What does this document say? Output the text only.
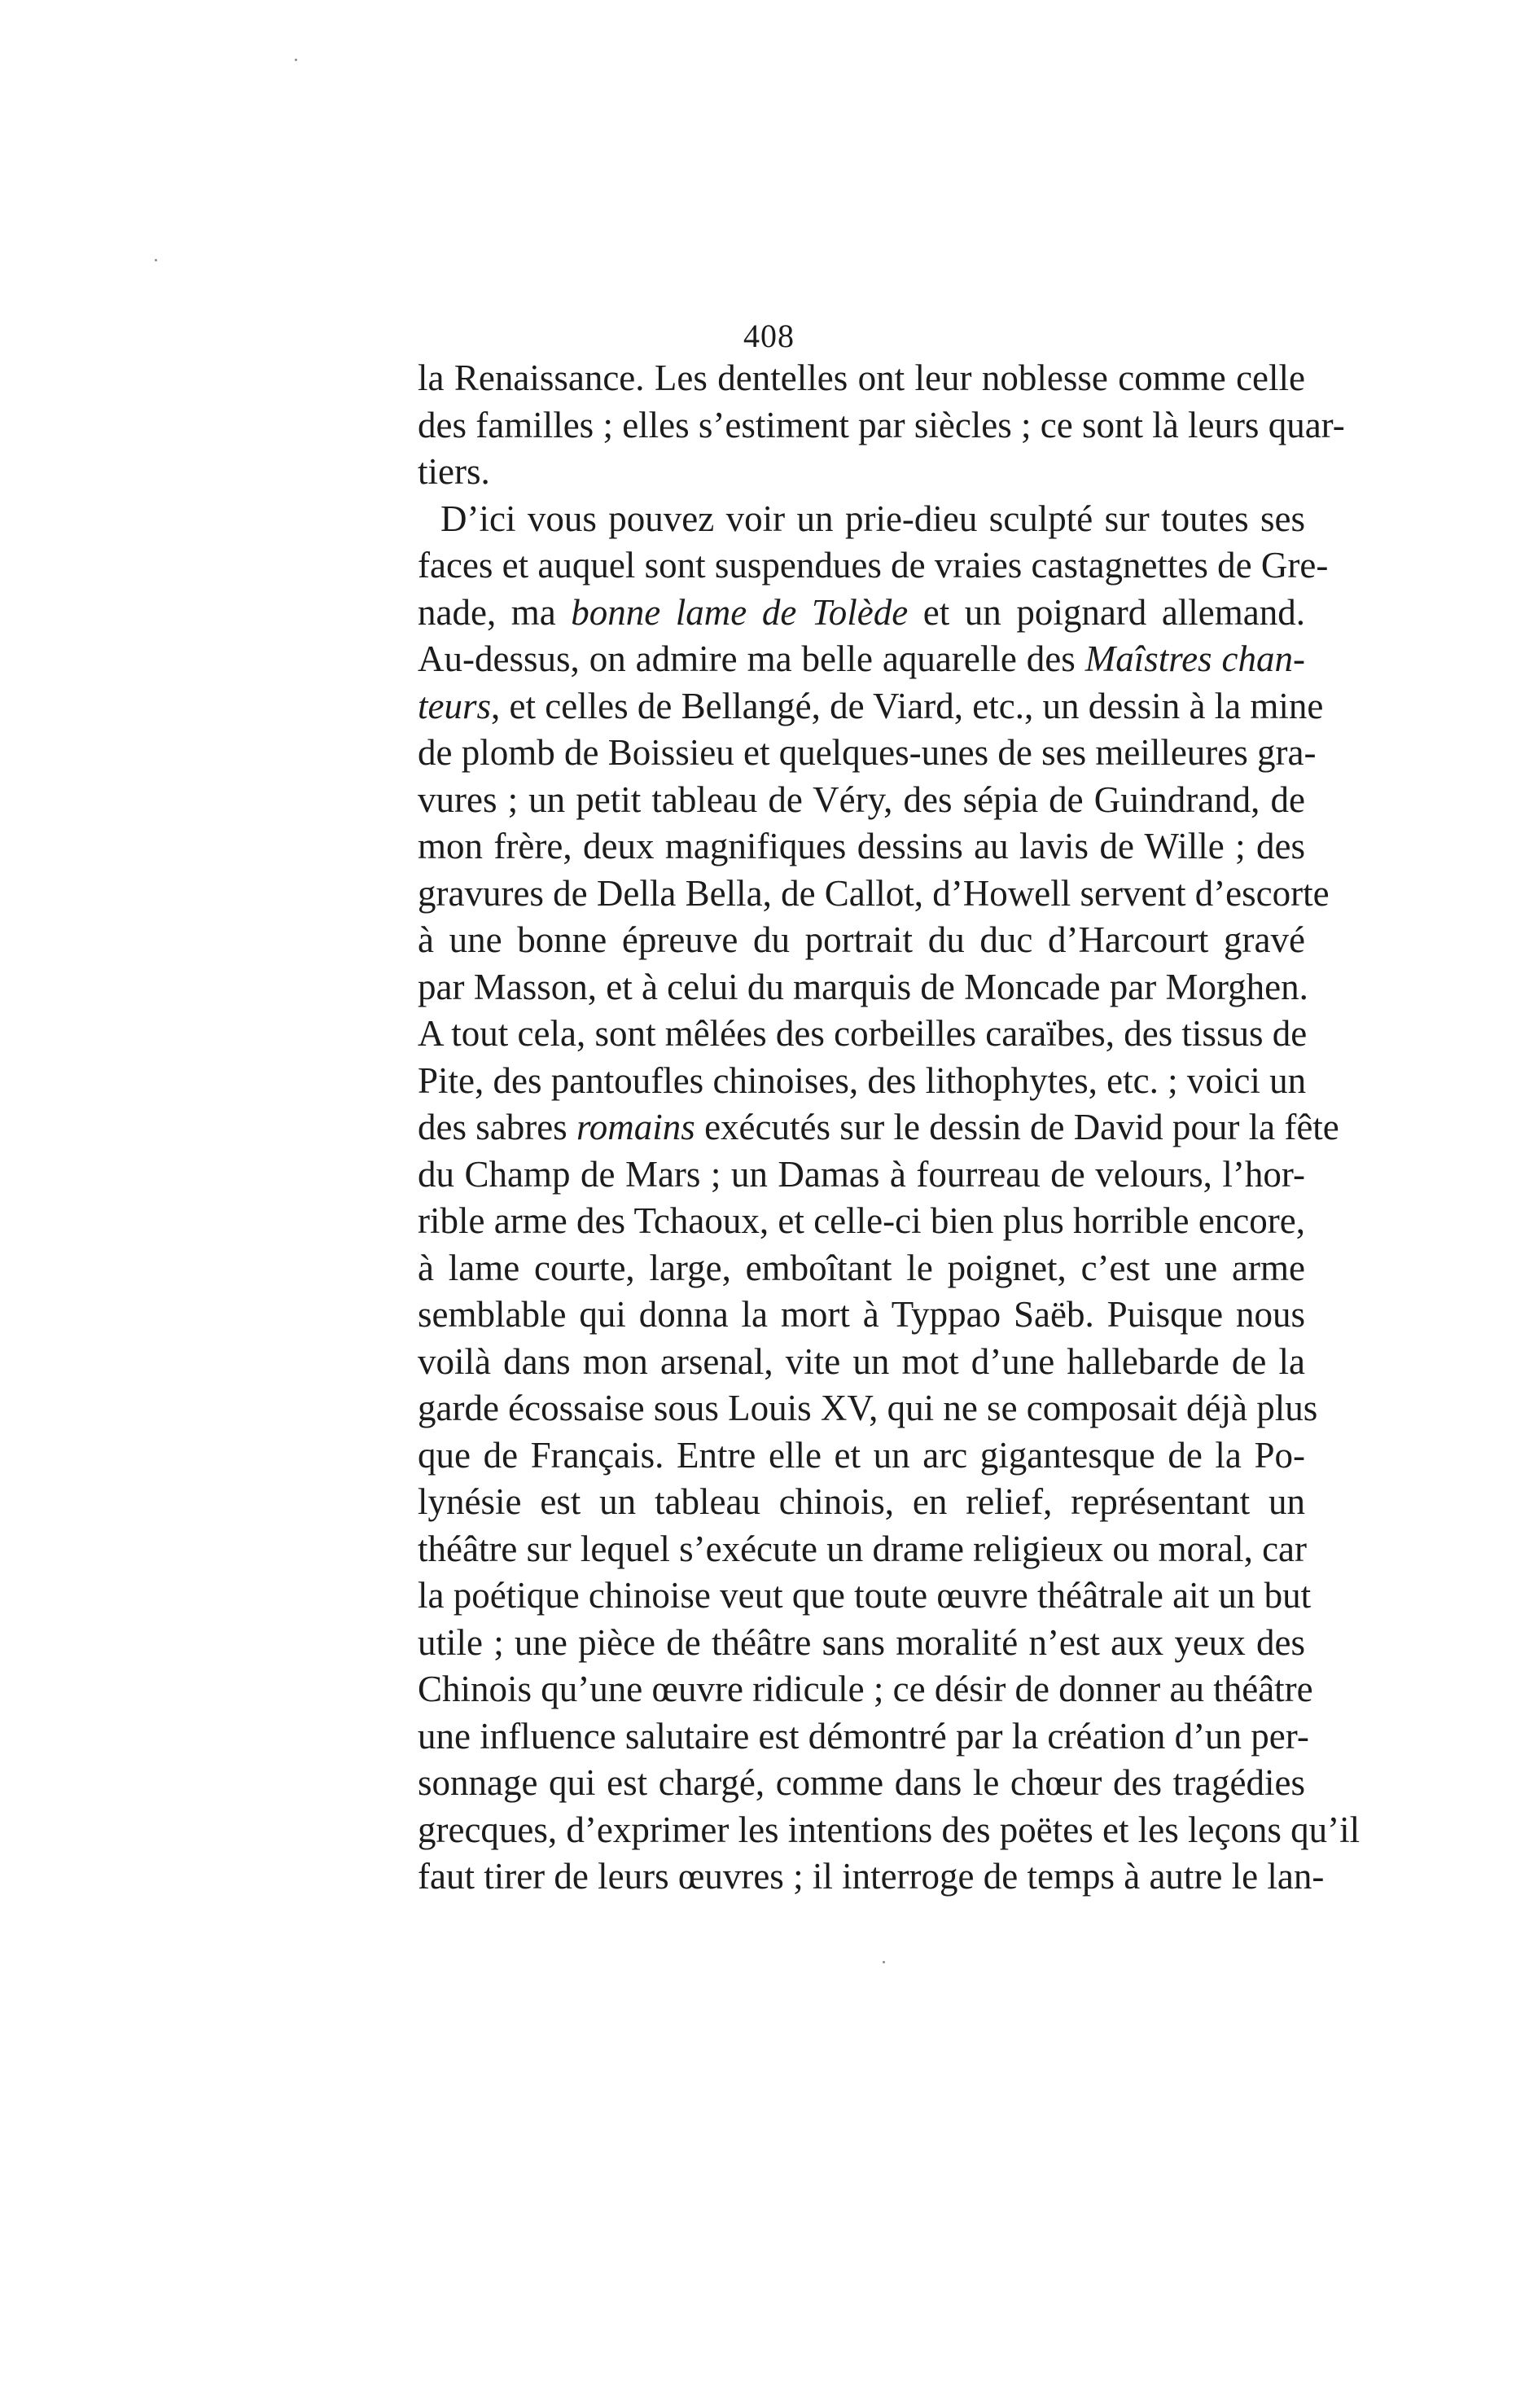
408
la Renaissance. Les dentelles ont leur noblesse comme celle
des familles ; elles s’estiment par siècles ; ce sont là leurs quar-
tiers.
D’ici vous pouvez voir un prie-dieu sculpté sur toutes ses
faces et auquel sont suspendues de vraies castagnettes de Gre-
nade, ma bonne lame de Tolède et un poignard allemand.
Au-dessus, on admire ma belle aquarelle des Maîstres chan-
teurs, et celles de Bellangé, de Viard, etc., un dessin à la mine
de plomb de Boissieu et quelques-unes de ses meilleures gra-
vures ; un petit tableau de Véry, des sépia de Guindrand, de
mon frère, deux magnifiques dessins au lavis de Wille ; des
gravures de Della Bella, de Callot, d’Howell servent d’escorte
à une bonne épreuve du portrait du duc d’Harcourt gravé
par Masson, et à celui du marquis de Moncade par Morghen.
A tout cela, sont mêlées des corbeilles caraïbes, des tissus de
Pite, des pantoufles chinoises, des lithophytes, etc. ; voici un
des sabres romains exécutés sur le dessin de David pour la fête
du Champ de Mars ; un Damas à fourreau de velours, l’hor-
rible arme des Tchaoux, et celle-ci bien plus horrible encore,
à lame courte, large, emboîtant le poignet, c’est une arme
semblable qui donna la mort à Typpao Saëb. Puisque nous
voilà dans mon arsenal, vite un mot d’une hallebarde de la
garde écossaise sous Louis XV, qui ne se composait déjà plus
que de Français. Entre elle et un arc gigantesque de la Po-
lynésie est un tableau chinois, en relief, représentant un
théâtre sur lequel s’exécute un drame religieux ou moral, car
la poétique chinoise veut que toute œuvre théâtrale ait un but
utile ; une pièce de théâtre sans moralité n’est aux yeux des
Chinois qu’une œuvre ridicule ; ce désir de donner au théâtre
une influence salutaire est démontré par la création d’un per-
sonnage qui est chargé, comme dans le chœur des tragédies
grecques, d’exprimer les intentions des poëtes et les leçons qu’il
faut tirer de leurs œuvres ; il interroge de temps à autre le lan-
